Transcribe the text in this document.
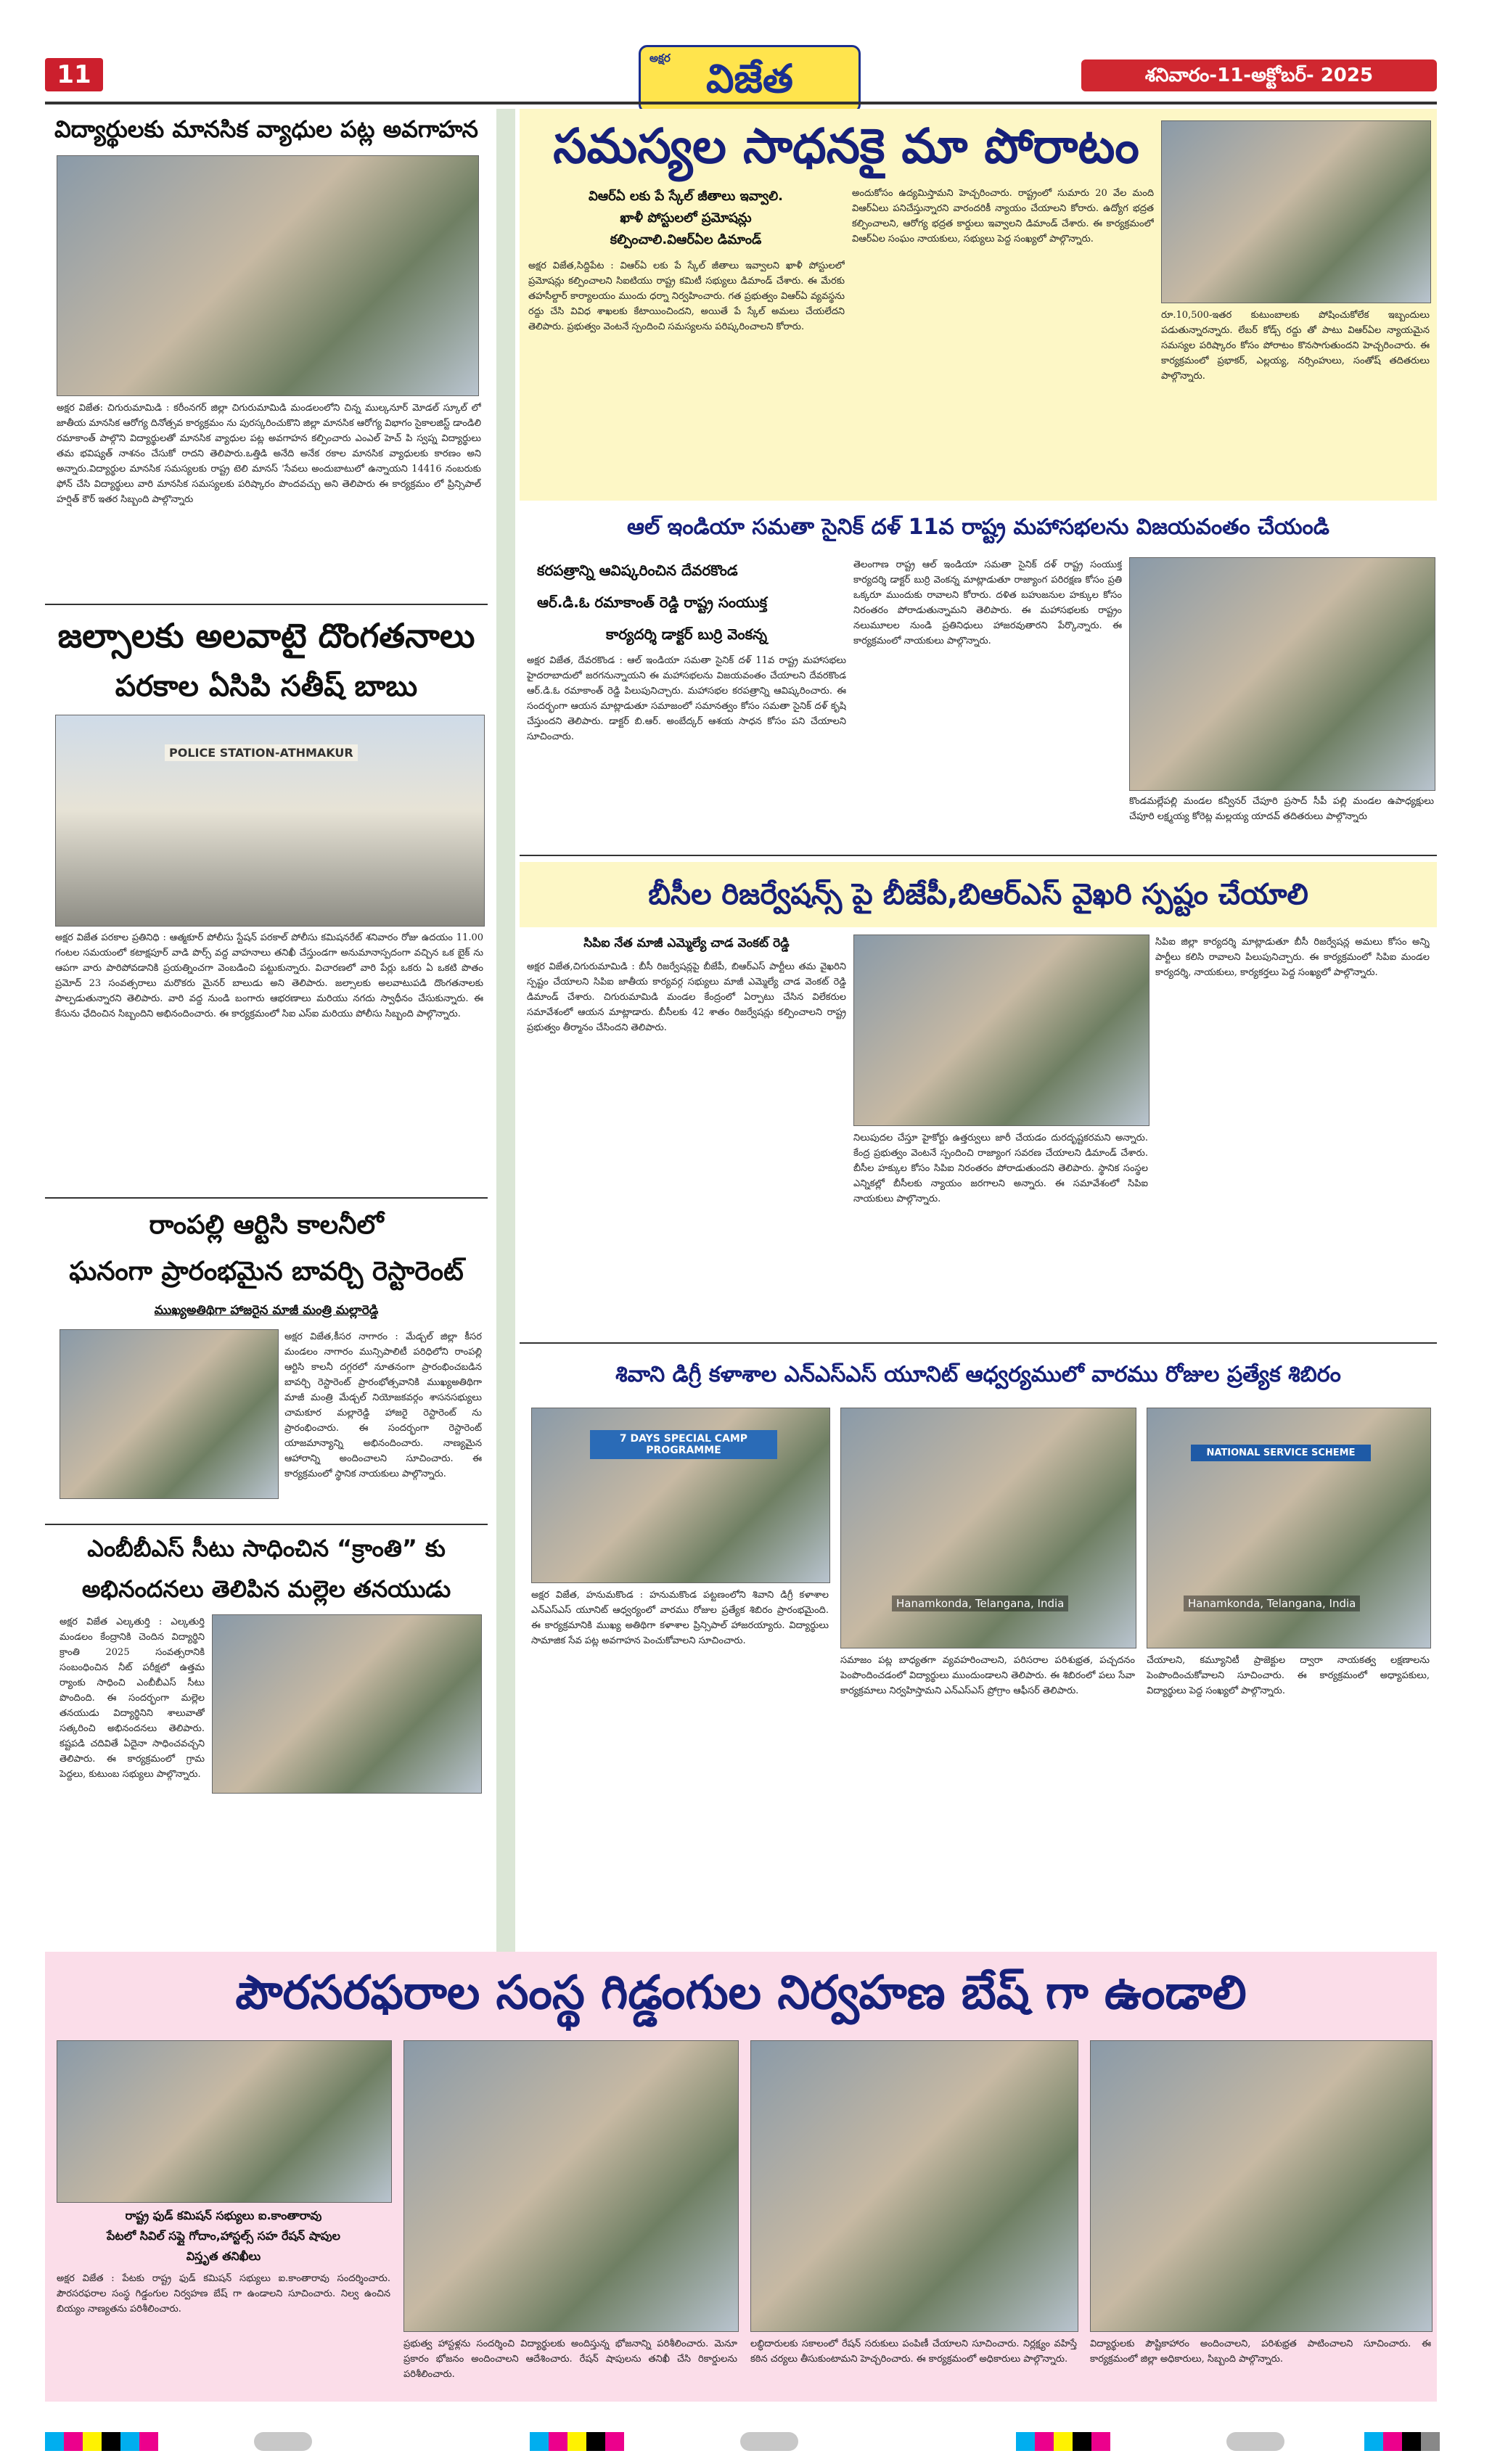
11
అక్షర విజేత	శనివారం-11-అక్టోబర్- 2025
విద్యార్థులకు మానసిక వ్యాధుల పట్ల అవగాహన
అక్షర విజేత: చిగురుమామిడి : కరీంనగర్ జిల్లా చిగురుమామిడి మండలంలోని చిన్న ముల్కనూర్ మోడల్ స్కూల్ లో జాతీయ మానసిక ఆరోగ్య దినోత్సవ కార్యక్రమం ను పురస్కరించుకొని జిల్లా మానసిక ఆరోగ్య విభాగం సైకాలజిస్ట్ డాండిలి రమాకాంత్ పాల్గొని విద్యార్థులతో మానసిక వ్యాధుల పట్ల అవగాహన కల్పించారు ఎంఎల్ హెచ్ పి స్వప్న విద్యార్థులు తమ భవిష్యత్ నాశనం చేసుకో రాదని తెలిపారు.ఒత్తిడి అనేది అనేక రకాల మానసిక వ్యాధులకు కారణం అని అన్నారు.విద్యార్థుల మానసిక సమస్యలకు రాష్ట్ర టెలి మానస్ 'సేవలు అందుబాటులో ఉన్నాయని 14416 నంబరుకు ఫోన్ చేసి విద్యార్థులు వారి మానసిక సమస్యలకు పరిష్కారం పొందవచ్చు అని తెలిపారు ఈ కార్యక్రమం లో ప్రిన్సిపాల్ హర్షిత్ కౌర్ ఇతర సిబ్బంది పాల్గొన్నారు
జల్సాలకు అలవాటై దొంగతనాలు
పరకాల ఏసిపి సతీష్ బాబు
POLICE STATION-ATHMAKUR
అక్షర విజేత పరకాల ప్రతినిధి : ఆత్మకూర్ పోలీసు స్టేషన్ పరకాల్ పోలీసు కమిషనరేట్ శనివారం రోజు ఉదయం 11.00 గంటల సమయంలో కటాక్షపూర్ వాడి పొర్స్ వద్ద వాహనాలు తనిఖీ చేస్తుండగా అనుమానాస్పదంగా వచ్చిన ఒక బైక్ ను ఆపగా వారు పారిపోవడానికి ప్రయత్నించగా వెంబడించి పట్టుకున్నారు. విచారణలో వారి పేర్లు ఒకరు ఏ ఒకటి పొతం ప్రమోద్ 23 సంవత్సరాలు మరొకరు మైనర్ బాలుడు అని తెలిపారు. జల్సాలకు అలవాటుపడి దొంగతనాలకు పాల్పడుతున్నారని తెలిపారు. వారి వద్ద నుండి బంగారు ఆభరణాలు మరియు నగదు స్వాధీనం చేసుకున్నారు. ఈ కేసును ఛేదించిన సిబ్బందిని అభినందించారు. ఈ కార్యక్రమంలో సిఐ ఎస్ఐ మరియు పోలీసు సిబ్బంది పాల్గొన్నారు.
రాంపల్లి ఆర్టిసి కాలనీలో
ఘనంగా ప్రారంభమైన బావర్చి రెస్టారెంట్
ముఖ్యఅతిథిగా హాజరైన మాజీ మంత్రి మల్లారెడ్డి
అక్షర విజేత,కీసర నాగారం : మేడ్చల్ జిల్లా కీసర మండలం నాగారం మున్సిపాలిటీ పరిధిలోని రాంపల్లి ఆర్టిసి కాలనీ దగ్గరలో నూతనంగా ప్రారంభించబడిన బావర్చి రెస్టారెంట్ ప్రారంభోత్సవానికి ముఖ్యఅతిథిగా మాజీ మంత్రి మేడ్చల్ నియోజకవర్గం శాసనసభ్యులు చామకూర మల్లారెడ్డి హాజరై రెస్టారెంట్ ను ప్రారంభించారు. ఈ సందర్భంగా రెస్టారెంట్ యాజమాన్యాన్ని అభినందించారు. నాణ్యమైన ఆహారాన్ని అందించాలని సూచించారు. ఈ కార్యక్రమంలో స్థానిక నాయకులు పాల్గొన్నారు.
ఎంబీబీఎస్ సీటు సాధించిన “క్రాంతి” కు
అభినందనలు తెలిపిన మల్లెల తనయుడు
అక్షర విజేత ఎల్కతుర్తి : ఎల్కతుర్తి మండలం కేంద్రానికి చెందిన విద్యార్థిని క్రాంతి 2025 సంవత్సరానికి సంబంధించిన నీట్ పరీక్షలో ఉత్తమ ర్యాంకు సాధించి ఎంబీబీఎస్ సీటు పొందింది. ఈ సందర్భంగా మల్లెల తనయుడు విద్యార్థినిని శాలువాతో సత్కరించి అభినందనలు తెలిపారు. కష్టపడి చదివితే ఏదైనా సాధించవచ్చని తెలిపారు. ఈ కార్యక్రమంలో గ్రామ పెద్దలు, కుటుంబ సభ్యులు పాల్గొన్నారు.
సమస్యల సాధనకై మా పోరాటం
విఆర్ఏ లకు పే స్కేల్ జీతాలు ఇవ్వాలి.
ఖాళీ పోస్టులలో ప్రమోషన్లు
కల్పించాలి.విఆర్ఏల డిమాండ్
అక్షర విజేత,సిద్దిపేట : విఆర్ఏ లకు పే స్కేల్ జీతాలు ఇవ్వాలని ఖాళీ పోస్టులలో ప్రమోషన్లు కల్పించాలని సిఐటియు రాష్ట్ర కమిటీ సభ్యులు డిమాండ్ చేశారు. ఈ మేరకు తహసీల్దార్ కార్యాలయం ముందు ధర్నా నిర్వహించారు. గత ప్రభుత్వం విఆర్ఏ వ్యవస్థను రద్దు చేసి వివిధ శాఖలకు కేటాయించిందని, అయితే పే స్కేల్ అమలు చేయలేదని తెలిపారు. ప్రభుత్వం వెంటనే స్పందించి సమస్యలను పరిష్కరించాలని కోరారు.
అందుకోసం ఉద్యమిస్తామని హెచ్చరించారు. రాష్ట్రంలో సుమారు 20 వేల మంది విఆర్ఏలు పనిచేస్తున్నారని వారందరికీ న్యాయం చేయాలని కోరారు. ఉద్యోగ భద్రత కల్పించాలని, ఆరోగ్య భద్రత కార్డులు ఇవ్వాలని డిమాండ్ చేశారు. ఈ కార్యక్రమంలో విఆర్ఏల సంఘం నాయకులు, సభ్యులు పెద్ద సంఖ్యలో పాల్గొన్నారు.
రూ.10,500-ఇతర కుటుంబాలకు పోషించుకోలేక ఇబ్బందులు పడుతున్నారన్నారు. లేబర్ కోడ్స్ రద్దు తో పాటు విఆర్ఏల న్యాయమైన సమస్యల పరిష్కారం కోసం పోరాటం కొనసాగుతుందని హెచ్చరించారు. ఈ కార్యక్రమంలో ప్రభాకర్, ఎల్లయ్య, నర్సింహులు, సంతోష్ తదితరులు పాల్గొన్నారు.
ఆల్ ఇండియా సమతా సైనిక్ దళ్ 11వ రాష్ట్ర మహాసభలను విజయవంతం చేయండి
కరపత్రాన్ని ఆవిష్కరించిన దేవరకొండ
ఆర్.డి.ఓ రమాకాంత్ రెడ్డి రాష్ట్ర సంయుక్త
కార్యదర్శి డాక్టర్ బుర్రి వెంకన్న
అక్షర విజేత, దేవరకొండ : ఆల్ ఇండియా సమతా సైనిక్ దళ్ 11వ రాష్ట్ర మహాసభలు హైదరాబాదులో జరగనున్నాయని ఈ మహాసభలను విజయవంతం చేయాలని దేవరకొండ ఆర్.డి.ఓ రమాకాంత్ రెడ్డి పిలుపునిచ్చారు. మహాసభల కరపత్రాన్ని ఆవిష్కరించారు. ఈ సందర్భంగా ఆయన మాట్లాడుతూ సమాజంలో సమానత్వం కోసం సమతా సైనిక్ దళ్ కృషి చేస్తుందని తెలిపారు. డాక్టర్ బి.ఆర్. అంబేద్కర్ ఆశయ సాధన కోసం పని చేయాలని సూచించారు.
తెలంగాణ రాష్ట్ర ఆల్ ఇండియా సమతా సైనిక్ దళ్ రాష్ట్ర సంయుక్త కార్యదర్శి డాక్టర్ బుర్రి వెంకన్న మాట్లాడుతూ రాజ్యాంగ పరిరక్షణ కోసం ప్రతి ఒక్కరూ ముందుకు రావాలని కోరారు. దళిత బహుజనుల హక్కుల కోసం నిరంతరం పోరాడుతున్నామని తెలిపారు. ఈ మహాసభలకు రాష్ట్రం నలుమూలల నుండి ప్రతినిధులు హాజరవుతారని పేర్కొన్నారు. ఈ కార్యక్రమంలో నాయకులు పాల్గొన్నారు.
కొండమల్లేపల్లి మండల కన్వీనర్ చేపూరి ప్రసాద్ సీపీ పల్లి మండల ఉపాధ్యక్షులు చేపూరి లక్ష్మయ్య కోరెట్ల మల్లయ్య యాదవ్ తదితరులు పాల్గొన్నారు
బీసీల రిజర్వేషన్స్ పై బీజేపీ,బిఆర్ఎస్ వైఖరి స్పష్టం చేయాలి
సిపిఐ నేత మాజీ ఎమ్మెల్యే చాడ వెంకట్ రెడ్డి
అక్షర విజేత,చిగురుమామిడి : బీసీ రిజర్వేషన్లపై బీజేపీ, బిఆర్ఎస్ పార్టీలు తమ వైఖరిని స్పష్టం చేయాలని సిపిఐ జాతీయ కార్యవర్గ సభ్యులు మాజీ ఎమ్మెల్యే చాడ వెంకట్ రెడ్డి డిమాండ్ చేశారు. చిగురుమామిడి మండల కేంద్రంలో ఏర్పాటు చేసిన విలేకరుల సమావేశంలో ఆయన మాట్లాడారు. బీసీలకు 42 శాతం రిజర్వేషన్లు కల్పించాలని రాష్ట్ర ప్రభుత్వం తీర్మానం చేసిందని తెలిపారు.
నిలుపుదల చేస్తూ హైకోర్టు ఉత్తర్వులు జారీ చేయడం దురదృష్టకరమని అన్నారు. కేంద్ర ప్రభుత్వం వెంటనే స్పందించి రాజ్యాంగ సవరణ చేయాలని డిమాండ్ చేశారు. బీసీల హక్కుల కోసం సిపిఐ నిరంతరం పోరాడుతుందని తెలిపారు. స్థానిక సంస్థల ఎన్నికల్లో బీసీలకు న్యాయం జరగాలని అన్నారు. ఈ సమావేశంలో సిపిఐ నాయకులు పాల్గొన్నారు.
సిపిఐ జిల్లా కార్యదర్శి మాట్లాడుతూ బీసీ రిజర్వేషన్ల అమలు కోసం అన్ని పార్టీలు కలిసి రావాలని పిలుపునిచ్చారు. ఈ కార్యక్రమంలో సిపిఐ మండల కార్యదర్శి, నాయకులు, కార్యకర్తలు పెద్ద సంఖ్యలో పాల్గొన్నారు.
శివాని డిగ్రీ కళాశాల ఎన్ఎస్ఎస్ యూనిట్ ఆధ్వర్యములో వారము రోజుల ప్రత్యేక శిబిరం
7 DAYS SPECIAL CAMP PROGRAMME
Hanamkonda, Telangana, India
NATIONAL SERVICE SCHEME
Hanamkonda, Telangana, India
అక్షర విజేత, హనుమకొండ : హనుమకొండ పట్టణంలోని శివాని డిగ్రీ కళాశాల ఎన్ఎస్ఎస్ యూనిట్ ఆధ్వర్యంలో వారము రోజుల ప్రత్యేక శిబిరం ప్రారంభమైంది. ఈ కార్యక్రమానికి ముఖ్య అతిథిగా కళాశాల ప్రిన్సిపాల్ హాజరయ్యారు. విద్యార్థులు సామాజిక సేవ పట్ల అవగాహన పెంచుకోవాలని సూచించారు.
సమాజం పట్ల బాధ్యతగా వ్యవహరించాలని, పరిసరాల పరిశుభ్రత, పచ్చదనం పెంపొందించడంలో విద్యార్థులు ముందుండాలని తెలిపారు. ఈ శిబిరంలో పలు సేవా కార్యక్రమాలు నిర్వహిస్తామని ఎన్ఎస్ఎస్ ప్రోగ్రాం ఆఫీసర్ తెలిపారు.
చేయాలని, కమ్యూనిటీ ప్రాజెక్టుల ద్వారా నాయకత్వ లక్షణాలను పెంపొందించుకోవాలని సూచించారు. ఈ కార్యక్రమంలో అధ్యాపకులు, విద్యార్థులు పెద్ద సంఖ్యలో పాల్గొన్నారు.
పౌరసరఫరాల సంస్థ గిడ్డంగుల నిర్వహణ బేష్ గా ఉండాలి
రాష్ట్ర ఫుడ్ కమిషన్ సభ్యులు ఐ.కాంతారావు
పేటలో సివిల్ సప్లై గోదాం,హాస్టల్స్ సహ రేషన్ షాపుల
విస్తృత తనిఖీలు
అక్షర విజేత : పేటకు రాష్ట్ర ఫుడ్ కమిషన్ సభ్యులు ఐ.కాంతారావు సందర్శించారు. పౌరసరఫరాల సంస్థ గిడ్డంగుల నిర్వహణ బేష్ గా ఉండాలని సూచించారు. నిల్వ ఉంచిన బియ్యం నాణ్యతను పరిశీలించారు.
ప్రభుత్వ హాస్టళ్లను సందర్శించి విద్యార్థులకు అందిస్తున్న భోజనాన్ని పరిశీలించారు. మెనూ ప్రకారం భోజనం అందించాలని ఆదేశించారు. రేషన్ షాపులను తనిఖీ చేసి రికార్డులను పరిశీలించారు.
లబ్ధిదారులకు సకాలంలో రేషన్ సరుకులు పంపిణీ చేయాలని సూచించారు. నిర్లక్ష్యం వహిస్తే కఠిన చర్యలు తీసుకుంటామని హెచ్చరించారు. ఈ కార్యక్రమంలో అధికారులు పాల్గొన్నారు.
విద్యార్థులకు పౌష్టికాహారం అందించాలని, పరిశుభ్రత పాటించాలని సూచించారు. ఈ కార్యక్రమంలో జిల్లా అధికారులు, సిబ్బంది పాల్గొన్నారు.
